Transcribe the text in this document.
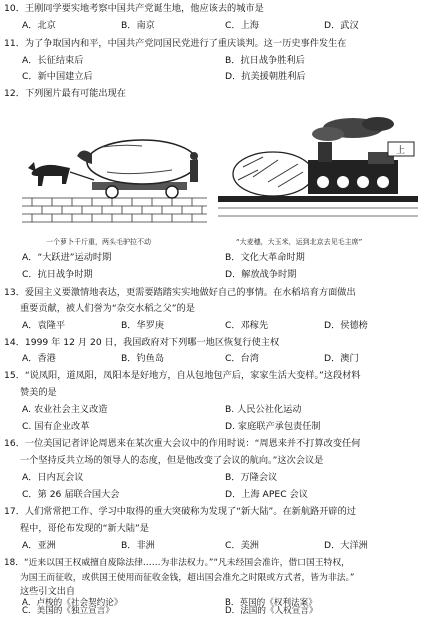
10．王刚同学要实地考察中国共产党诞生地，他应该去的城市是
A．北京	B．南京	C．上海	D．武汉
11．为了争取国内和平，中国共产党同国民党进行了重庆谈判。这一历史事件发生在
A．长征结束后	B．抗日战争胜利后
C．新中国建立后	D．抗美援朝胜利后
12．下列图片最有可能出现在
一个萝卜千斤重，两头毛驴拉不动
上
“大麦穗，大玉米，运到北京去见毛主席”
A．“大跃进”运动时期	B．文化大革命时期
C．抗日战争时期	D．解放战争时期
13．爱国主义要激情地表达，更需要踏踏实实地做好自己的事情。在水稻培育方面做出
重要贡献，被人们誉为“杂交水稻之父”的是
A．袁隆平	B．华罗庚	C．邓稼先	D．侯德榜
14．1999 年 12 月 20 日，我国政府对下列哪一地区恢复行使主权
A．香港	B．钓鱼岛	C．台湾	D．澳门
15．“说凤阳，道凤阳，凤阳本是好地方，自从包地包产后，家家生活大变样。”这段材料
赞美的是
A. 农业社会主义改造	B. 人民公社化运动
C. 国有企业改革	D. 家庭联产承包责任制
16．一位美国记者评论周恩来在某次重大会议中的作用时说：“周恩来并不打算改变任何
一个坚持反共立场的领导人的态度，但是他改变了会议的航向。”这次会议是
A．日内瓦会议	B．万隆会议
C．第 26 届联合国大会	D．上海 APEC 会议
17．人们常常把工作、学习中取得的重大突破称为发现了“新大陆”。在新航路开辟的过
程中，哥伦布发现的“新大陆”是
A．亚洲	B．非洲	C．美洲	D．大洋洲
18．“近来以国王权威擅自废除法律……为非法权力。”“凡未经国会准许，借口国王特权，
为国王而征收，或供国王使用而征收金钱，超出国会准允之时限或方式者，皆为非法。”
这些引文出自
A．卢梭的《社会契约论》	B．英国的《权利法案》
C．美国的《独立宣言》	D．法国的《人权宣言》
